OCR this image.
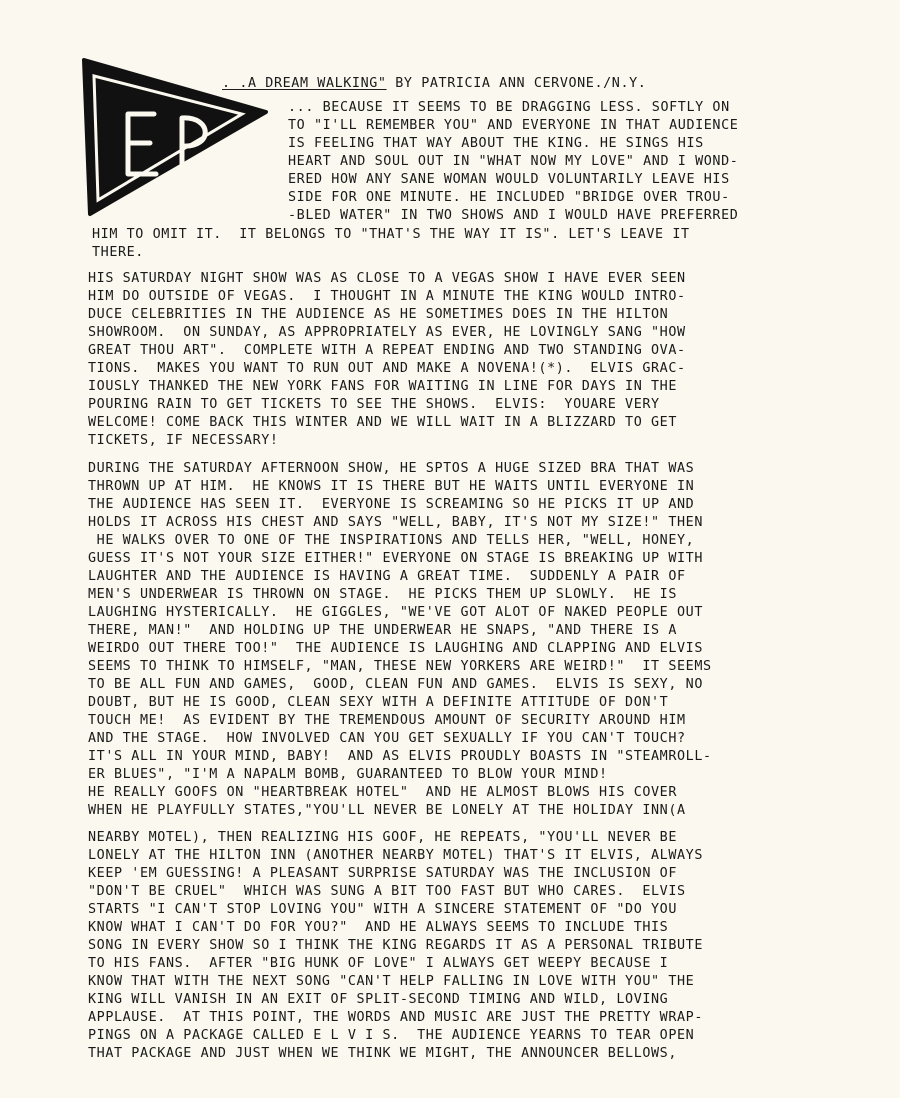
. .A DREAM WALKING" BY PATRICIA ANN CERVONE./N.Y.
... BECAUSE IT SEEMS TO BE DRAGGING LESS. SOFTLY ON
TO "I'LL REMEMBER YOU" AND EVERYONE IN THAT AUDIENCE
IS FEELING THAT WAY ABOUT THE KING. HE SINGS HIS
HEART AND SOUL OUT IN "WHAT NOW MY LOVE" AND I WOND-
ERED HOW ANY SANE WOMAN WOULD VOLUNTARILY LEAVE HIS
SIDE FOR ONE MINUTE. HE INCLUDED "BRIDGE OVER TROU-
-BLED WATER" IN TWO SHOWS AND I WOULD HAVE PREFERRED
HIM TO OMIT IT.  IT BELONGS TO "THAT'S THE WAY IT IS". LET'S LEAVE IT
THERE.
HIS SATURDAY NIGHT SHOW WAS AS CLOSE TO A VEGAS SHOW I HAVE EVER SEEN
HIM DO OUTSIDE OF VEGAS.  I THOUGHT IN A MINUTE THE KING WOULD INTRO-
DUCE CELEBRITIES IN THE AUDIENCE AS HE SOMETIMES DOES IN THE HILTON
SHOWROOM.  ON SUNDAY, AS APPROPRIATELY AS EVER, HE LOVINGLY SANG "HOW
GREAT THOU ART".  COMPLETE WITH A REPEAT ENDING AND TWO STANDING OVA-
TIONS.  MAKES YOU WANT TO RUN OUT AND MAKE A NOVENA!(*).  ELVIS GRAC-
IOUSLY THANKED THE NEW YORK FANS FOR WAITING IN LINE FOR DAYS IN THE
POURING RAIN TO GET TICKETS TO SEE THE SHOWS.  ELVIS:  YOUARE VERY
WELCOME! COME BACK THIS WINTER AND WE WILL WAIT IN A BLIZZARD TO GET
TICKETS, IF NECESSARY!
DURING THE SATURDAY AFTERNOON SHOW, HE SPTOS A HUGE SIZED BRA THAT WAS
THROWN UP AT HIM.  HE KNOWS IT IS THERE BUT HE WAITS UNTIL EVERYONE IN
THE AUDIENCE HAS SEEN IT.  EVERYONE IS SCREAMING SO HE PICKS IT UP AND
HOLDS IT ACROSS HIS CHEST AND SAYS "WELL, BABY, IT'S NOT MY SIZE!" THEN
HE WALKS OVER TO ONE OF THE INSPIRATIONS AND TELLS HER, "WELL, HONEY,
GUESS IT'S NOT YOUR SIZE EITHER!" EVERYONE ON STAGE IS BREAKING UP WITH
LAUGHTER AND THE AUDIENCE IS HAVING A GREAT TIME.  SUDDENLY A PAIR OF
MEN'S UNDERWEAR IS THROWN ON STAGE.  HE PICKS THEM UP SLOWLY.  HE IS
LAUGHING HYSTERICALLY.  HE GIGGLES, "WE'VE GOT ALOT OF NAKED PEOPLE OUT
THERE, MAN!"  AND HOLDING UP THE UNDERWEAR HE SNAPS, "AND THERE IS A
WEIRDO OUT THERE TOO!"  THE AUDIENCE IS LAUGHING AND CLAPPING AND ELVIS
SEEMS TO THINK TO HIMSELF, "MAN, THESE NEW YORKERS ARE WEIRD!"  IT SEEMS
TO BE ALL FUN AND GAMES,  GOOD, CLEAN FUN AND GAMES.  ELVIS IS SEXY, NO
DOUBT, BUT HE IS GOOD, CLEAN SEXY WITH A DEFINITE ATTITUDE OF DON'T
TOUCH ME!  AS EVIDENT BY THE TREMENDOUS AMOUNT OF SECURITY AROUND HIM
AND THE STAGE.  HOW INVOLVED CAN YOU GET SEXUALLY IF YOU CAN'T TOUCH?
IT'S ALL IN YOUR MIND, BABY!  AND AS ELVIS PROUDLY BOASTS IN "STEAMROLL-
ER BLUES", "I'M A NAPALM BOMB, GUARANTEED TO BLOW YOUR MIND!
HE REALLY GOOFS ON "HEARTBREAK HOTEL"  AND HE ALMOST BLOWS HIS COVER
WHEN HE PLAYFULLY STATES,"YOU'LL NEVER BE LONELY AT THE HOLIDAY INN(A
NEARBY MOTEL), THEN REALIZING HIS GOOF, HE REPEATS, "YOU'LL NEVER BE
LONELY AT THE HILTON INN (ANOTHER NEARBY MOTEL) THAT'S IT ELVIS, ALWAYS
KEEP 'EM GUESSING! A PLEASANT SURPRISE SATURDAY WAS THE INCLUSION OF
"DON'T BE CRUEL"  WHICH WAS SUNG A BIT TOO FAST BUT WHO CARES.  ELVIS
STARTS "I CAN'T STOP LOVING YOU" WITH A SINCERE STATEMENT OF "DO YOU
KNOW WHAT I CAN'T DO FOR YOU?"  AND HE ALWAYS SEEMS TO INCLUDE THIS
SONG IN EVERY SHOW SO I THINK THE KING REGARDS IT AS A PERSONAL TRIBUTE
TO HIS FANS.  AFTER "BIG HUNK OF LOVE" I ALWAYS GET WEEPY BECAUSE I
KNOW THAT WITH THE NEXT SONG "CAN'T HELP FALLING IN LOVE WITH YOU" THE
KING WILL VANISH IN AN EXIT OF SPLIT-SECOND TIMING AND WILD, LOVING
APPLAUSE.  AT THIS POINT, THE WORDS AND MUSIC ARE JUST THE PRETTY WRAP-
PINGS ON A PACKAGE CALLED E L V I S.  THE AUDIENCE YEARNS TO TEAR OPEN
THAT PACKAGE AND JUST WHEN WE THINK WE MIGHT, THE ANNOUNCER BELLOWS,
